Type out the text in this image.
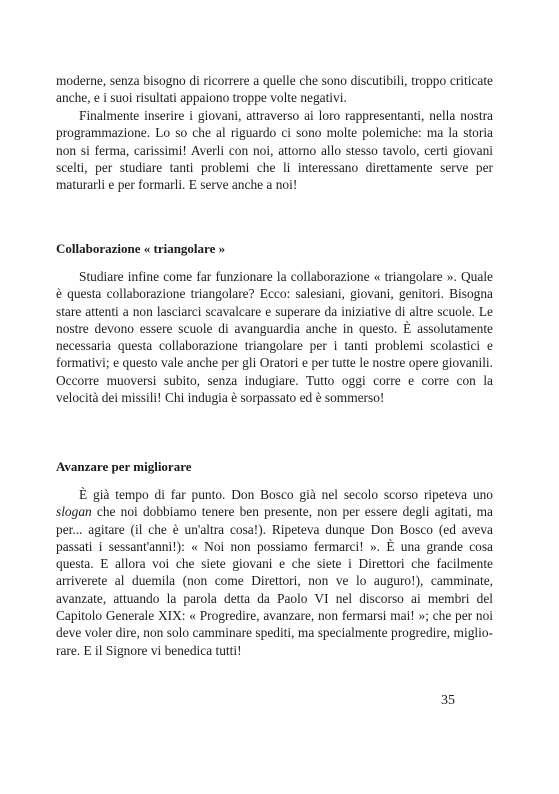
moderne, senza bisogno di ricorrere a quelle che sono discutibili, troppo criticate anche, e i suoi risultati appaiono troppe volte negativi.

Finalmente inserire i giovani, attraverso ai loro rappresentanti, nella nostra programmazione. Lo so che al riguardo ci sono molte polemiche: ma la storia non si ferma, carissimi! Averli con noi, attorno allo stesso tavolo, certi giovani scelti, per studiare tanti problemi che li interessano direttamente serve per maturarli e per formarli. E serve anche a noi!

Collaborazione « triangolare »

Studiare infine come far funzionare la collaborazione « triangolare ». Quale è questa collaborazione triangolare? Ecco: salesiani, giovani, genitori. Bisogna stare attenti a non lasciarci scavalcare e superare da iniziative di altre scuole. Le nostre devono essere scuole di avanguardia anche in questo. È assolutamente necessaria questa collaborazione triangolare per i tanti problemi scolastici e formativi; e questo vale anche per gli Oratori e per tutte le nostre opere giovanili. Occorre muoversi subito, senza indugiare. Tutto oggi corre e corre con la velocità dei missili! Chi indugia è sorpassato ed è sommerso!

Avanzare per migliorare

È già tempo di far punto. Don Bosco già nel secolo scorso ripeteva uno slogan che noi dobbiamo tenere ben presente, non per essere degli agitati, ma per... agitare (il che è un'altra cosa!). Ripeteva dunque Don Bosco (ed aveva passati i sessant'anni!): « Noi non possiamo fermarci! ». È una grande cosa questa. E allora voi che siete giovani e che siete i Direttori che facilmente arriverete al duemila (non come Direttori, non ve lo auguro!), camminate, avanzate, attuando la parola detta da Paolo VI nel discorso ai membri del Capitolo Generale XIX: « Progredire, avanzare, non fermarsi mai! »; che per noi deve voler dire, non solo camminare spediti, ma specialmente progredire, migliorare. E il Signore vi benedica tutti!

35
